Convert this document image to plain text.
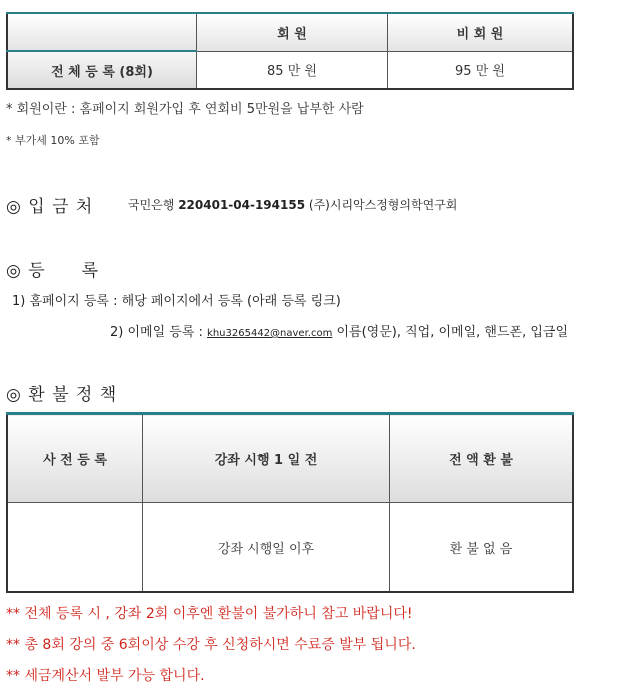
	회 원	비 회 원
전 체 등 록 (8회)	85 만 원	95 만 원
* 회원이란 : 홈페이지 회원가입 후 연회비 5만원을 납부한 사람
* 부가세 10% 포함
◎ 입 금 처	국민은행 220401-04-194155 (주)시리악스정형의학연구회
◎ 등　　록
1) 홈페이지 등록 : 해당 페이지에서 등록 (아래 등록 링크)
2) 이메일 등록 : khu3265442@naver.com 이름(영문), 직업, 이메일, 핸드폰, 입금일
◎ 환 불 정 책
사 전 등 록	강좌 시행 1 일 전	전 액 환 불
	강좌 시행일 이후	환 불 없 음
** 전체 등록 시 , 강좌 2회 이후엔 환불이 불가하니 참고 바랍니다!
** 총 8회 강의 중 6회이상 수강 후 신청하시면 수료증 발부 됩니다.
** 세금계산서 발부 가능 합니다.
